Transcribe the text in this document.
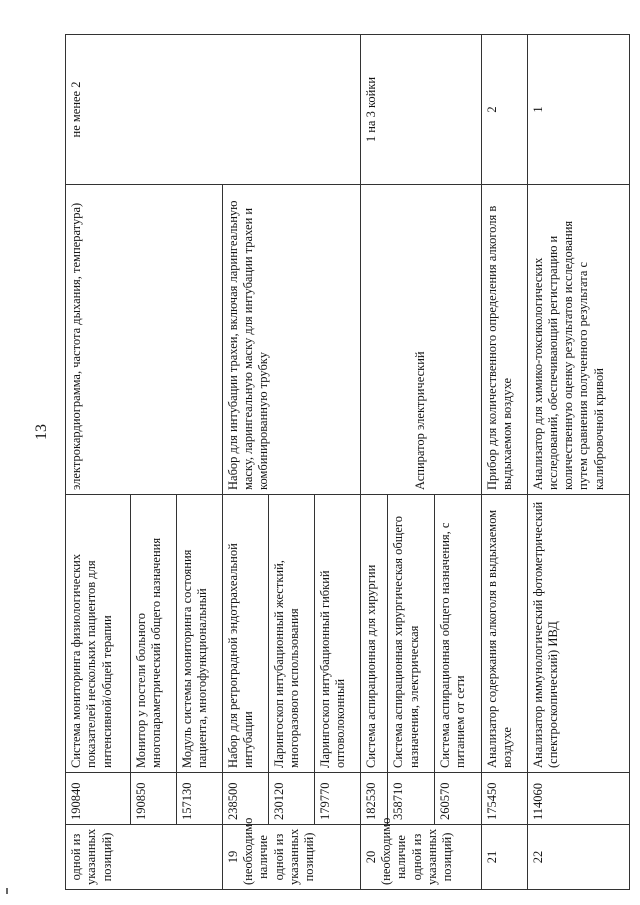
13
одной из указанных позиций)	190840	Система мониторинга физиологических показателей нескольких пациентов для интенсивной/общей терапии	электрокардиограмма, частота дыхания, температура)	не менее 2
	190850	Монитор у постели больного многопараметрический общего назначения		
	157130	Модуль системы мониторинга состояния пациента, многофункциональный		
19 (необходимо наличие одной из указанных позиций)	238500	Набор для ретроградной эндотрахеальной интубации	Набор для интубации трахеи, включая ларингеальную маску, ларингеальную маску для интубации трахеи и комбинированную трубку	
	230120	Ларингоскоп интубационный жесткий, многоразового использования		
	179770	Ларингоскоп интубационный гибкий оптоволоконный		
20 (необходимо наличие одной из указанных позиций)	182530	Система аспирационная для хирургии	Аспиратор электрический	1 на 3 койки
	358710	Система аспирационная хирургическая общего назначения, электрическая		
	260570	Система аспирационная общего назначения, с питанием от сети		
21	175450	Анализатор содержания алкоголя в выдыхаемом воздухе	Прибор для количественного определения алкоголя в выдыхаемом воздухе	2
22	114060	Анализатор иммунологический фотометрический (спектроскопический) ИВД	Анализатор для химико-токсикологических исследований, обеспечивающий регистрацию и количественную оценку результатов исследования путем сравнения полученного результата с калибровочной кривой	1
